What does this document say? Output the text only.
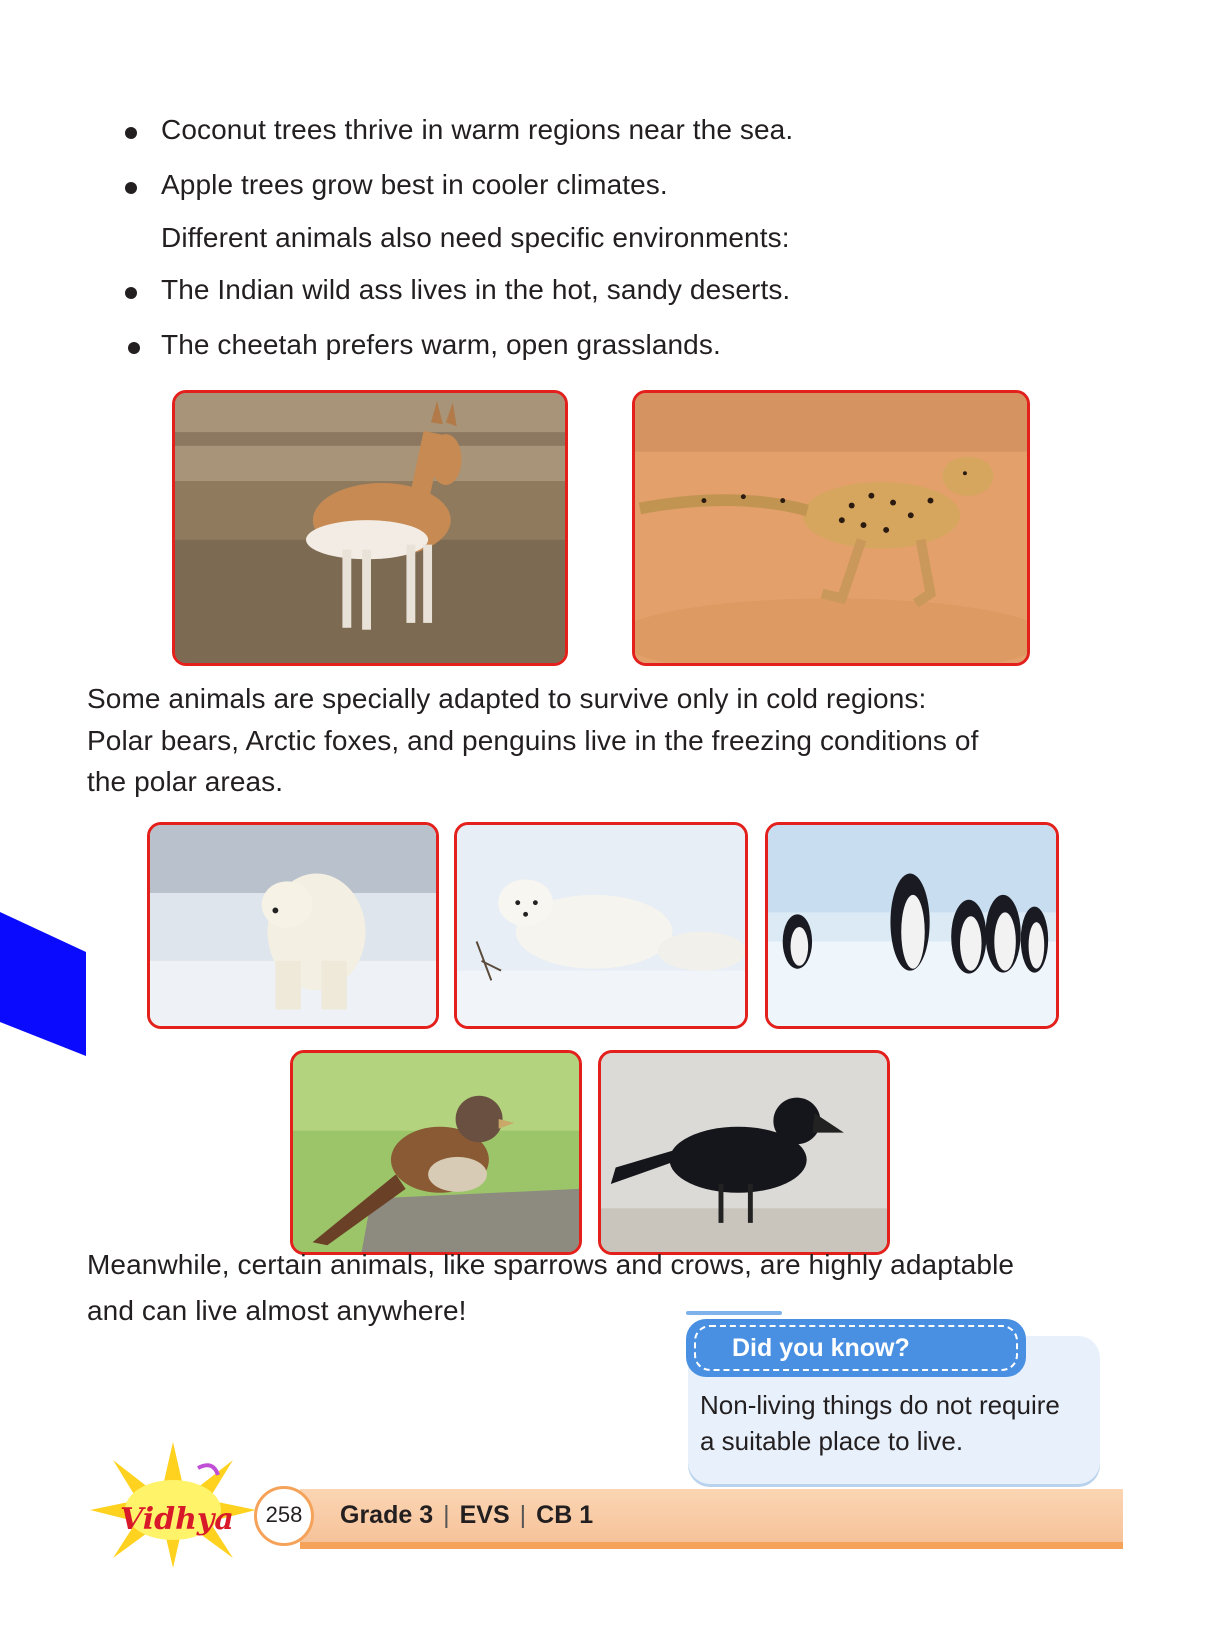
Coconut trees thrive in warm regions near the sea.
Apple trees grow best in cooler climates.
Different animals also need specific environments:
The Indian wild ass lives in the hot, sandy deserts.
The cheetah prefers warm, open grasslands.
Some animals are specially adapted to survive only in cold regions:
Polar bears, Arctic foxes, and penguins live in the freezing conditions of
the polar areas.
Meanwhile, certain animals, like sparrows and crows, are highly adaptable
and can live almost anywhere!
Did you know?
Non-living things do not require
a suitable place to live.
Vidhya	258	Grade 3 | EVS | CB 1
